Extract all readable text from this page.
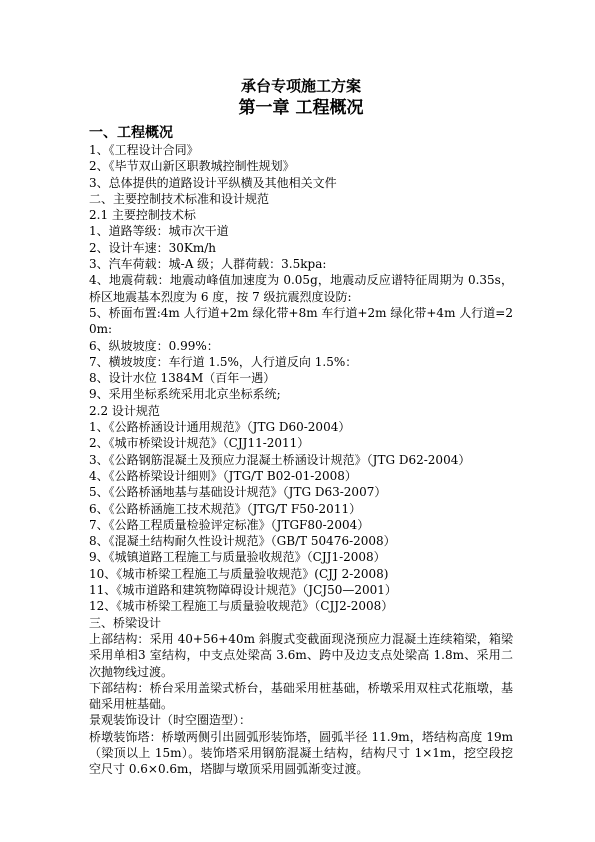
承台专项施工方案

第一章 工程概况

一、工程概况

1、《工程设计合同》

2、《毕节双山新区职教城控制性规划》

3、总体提供的道路设计平纵横及其他相关文件

二、主要控制技术标准和设计规范

2.1 主要控制技术标

1、道路等级：城市次干道

2、设计车速：30Km/h

3、汽车荷载：城-A 级；人群荷载：3.5kpa:

4、地震荷载：地震动峰值加速度为 0.05g，地震动反应谱特征周期为 0.35s，桥区地震基本烈度为 6 度，按 7 级抗震烈度设防:

5、桥面布置:4m 人行道+2m 绿化带+8m 车行道+2m 绿化带+4m 人行道=20m:

6、纵坡坡度：0.99%：

7、横坡坡度：车行道 1.5%，人行道反向 1.5%：

8、设计水位 1384M（百年一遇）

9、采用坐标系统采用北京坐标系统;

2.2 设计规范

1、《公路桥涵设计通用规范》（JTG D60-2004）

2、《城市桥梁设计规范》（CJJ11-2011）

3、《公路钢筋混凝土及预应力混凝土桥涵设计规范》（JTG D62-2004）

4、《公路桥梁设计细则》（JTG/T B02-01-2008）

5、《公路桥涵地基与基础设计规范》（JTG D63-2007）

6、《公路桥涵施工技术规范》（JTG/T F50-2011）

7、《公路工程质量检验评定标准》（JTGF80-2004）

8、《混凝土结构耐久性设计规范》（GB/T 50476-2008）

9、《城镇道路工程施工与质量验收规范》（CJJ1-2008）

10、《城市桥梁工程施工与质量验收规范》(CJJ 2-2008)

11、《城市道路和建筑物障碍设计规范》（JCJ50—2001）

12、《城市桥梁工程施工与质量验收规范》（CJJ2-2008）

三、桥梁设计

上部结构：采用 40+56+40m 斜腹式变截面现浇预应力混凝土连续箱梁，箱梁采用单相3 室结构，中支点处梁高 3.6m、跨中及边支点处梁高 1.8m、采用二次抛物线过渡。

下部结构：桥台采用盖梁式桥台，基础采用桩基础，桥墩采用双柱式花瓶墩，基础采用桩基础。

景观装饰设计（时空圈造型）：

桥墩装饰塔：桥墩两侧引出圆弧形装饰塔，圆弧半径 11.9m，塔结构高度 19m（梁顶以上 15m）。装饰塔采用钢筋混凝土结构，结构尺寸 1×1m，挖空段挖空尺寸 0.6×0.6m，塔脚与墩顶采用圆弧渐变过渡。
